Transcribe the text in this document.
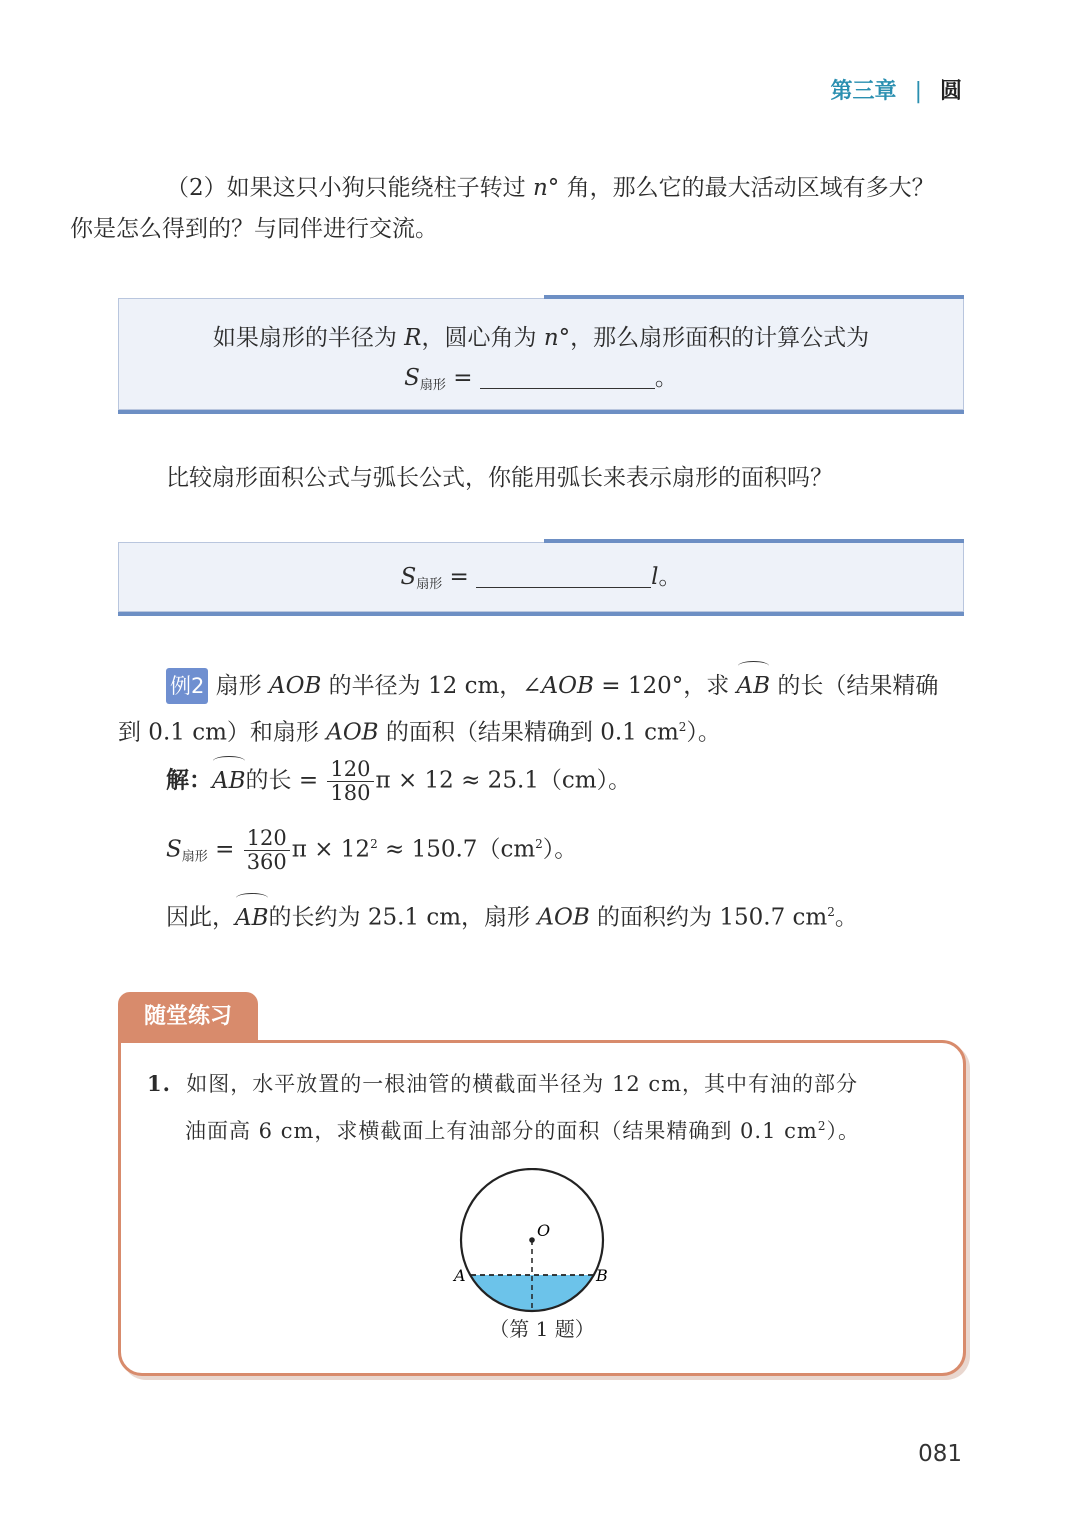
第三章 | 圆
（2）如果这只小狗只能绕柱子转过 n° 角，那么它的最大活动区域有多大？
你是怎么得到的？与同伴进行交流。
如果扇形的半径为 R，圆心角为 n°，那么扇形面积的计算公式为
$S_{扇形}$ =	。
比较扇形面积公式与弧长公式，你能用弧长来表示扇形的面积吗？
$S_{扇形}$ =	l。
例2 扇形 AOB 的半径为 12 cm，∠AOB = 120°，求 AB 的长（结果精确
到 0.1 cm）和扇形 AOB 的面积（结果精确到 0.1 $cm^2$）。
解：AB的长 = $\frac{120}{180}$ π × 12 ≈ 25.1（cm）。
$S_{扇形} = \frac{120}{360}$ $\pi \times 12^2 \approx 150.7(cm^2)$。
因此，AB的长约为 25.1 cm，扇形 AOB 的面积约为 150.7 $cm^2$。
随堂练习
1. 如图，水平放置的一根油管的横截面半径为 12 cm，其中有油的部分
油面高 6 cm，求横截面上有油部分的面积（结果精确到 0.1 $cm^2$）。
O
A	B
（第 1 题）
081
